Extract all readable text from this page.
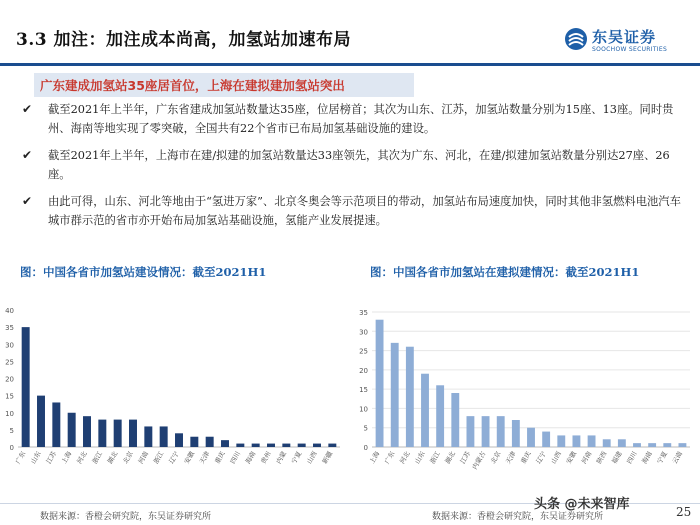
3.3 加注：加注成本尚高，加氢站加速布局	东吴证券
SOOCHOW SECURITIES
广东建成加氢站35座居首位，上海在建拟建加氢站突出
✔ 截至2021年上半年，广东省建成加氢站数量达35座，位居榜首；其次为山东、江苏，加氢站数量分别为15座、13座。同时贵州、海南等地实现了零突破，全国共有22个省市已布局加氢基础设施的建设。
✔ 截至2021年上半年，上海市在建/拟建的加氢站数量达33座领先，其次为广东、河北，在建/拟建加氢站数量分别达27座、26座。
✔ 由此可得，山东、河北等地由于“氢进万家”、北京冬奥会等示范项目的带动，加氢站布局速度加快，同时其他非氢燃料电池汽车城市群示范的省市亦开始布局加氢站基础设施，氢能产业发展提速。
图：中国各省市加氢站建设情况：截至2021H1	图：中国各省市加氢站在建拟建情况：截至2021H1
0
5
10
15
20
25
30
35
40
广东 山东 江苏 上海 河北 浙江 湖北 北京 河南 浙江 辽宁 安徽 天津 重庆 四川 海南 贵州 内蒙 宁夏 山西 新疆
0
5
10
15
20
25
30
35
上海 广东 河北 山东 浙江 湖北 江苏
内蒙古 北京 天津 重庆 辽宁 山西 安徽 河南 陕西 福建 四川 海南 宁夏 云南
数据来源：香橙会研究院，东吴证券研究所	数据来源：香橙会研究院，东吴证券研究所
头条 @未来智库	25
